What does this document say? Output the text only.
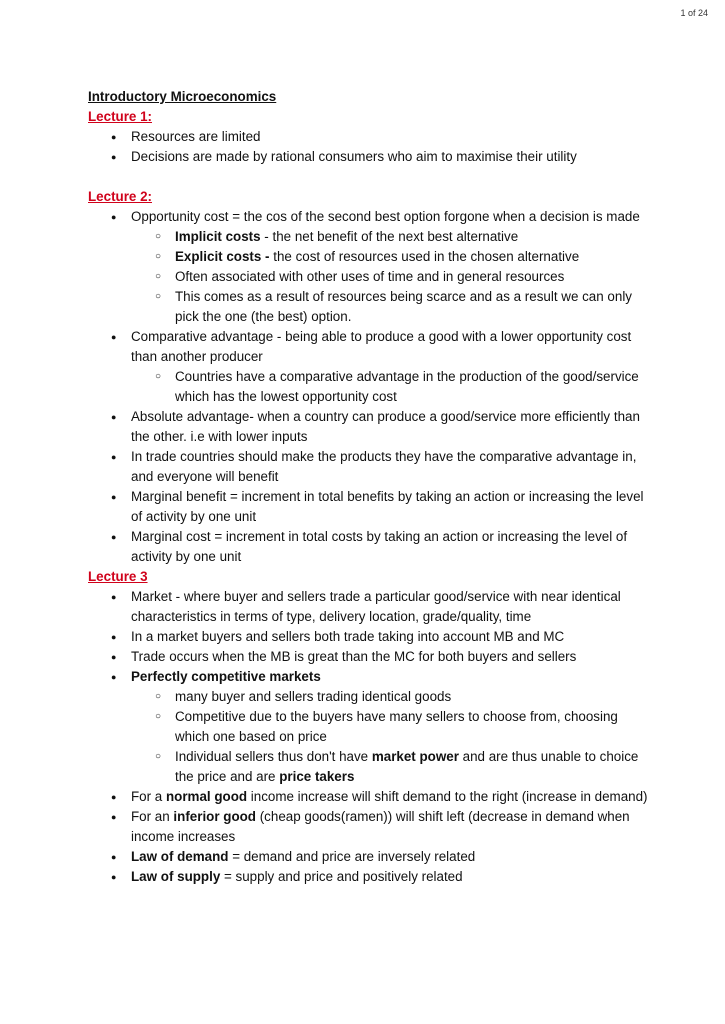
1 of 24
Introductory Microeconomics
Lecture 1:
● Resources are limited
● Decisions are made by rational consumers who aim to maximise their utility
Lecture 2:
● Opportunity cost = the cos of the second best option forgone when a decision is made
○ Implicit costs - the net benefit of the next best alternative
○ Explicit costs - the cost of resources used in the chosen alternative
○ Often associated with other uses of time and in general resources
○ This comes as a result of resources being scarce and as a result we can only pick the one (the best) option.
● Comparative advantage - being able to produce a good with a lower opportunity cost than another producer
○ Countries have a comparative advantage in the production of the good/service which has the lowest opportunity cost
● Absolute advantage- when a country can produce a good/service more efficiently than the other. i.e with lower inputs
● In trade countries should make the products they have the comparative advantage in, and everyone will benefit
● Marginal benefit = increment in total benefits by taking an action or increasing the level of activity by one unit
● Marginal cost = increment in total costs by taking an action or increasing the level of activity by one unit
Lecture 3
● Market - where buyer and sellers trade a particular good/service with near identical characteristics in terms of type, delivery location, grade/quality, time
● In a market buyers and sellers both trade taking into account MB and MC
● Trade occurs when the MB is great than the MC for both buyers and sellers
● Perfectly competitive markets
○ many buyer and sellers trading identical goods
○ Competitive due to the buyers have many sellers to choose from, choosing which one based on price
○ Individual sellers thus don't have market power and are thus unable to choice the price and are price takers
● For a normal good income increase will shift demand to the right (increase in demand)
● For an inferior good (cheap goods(ramen)) will shift left (decrease in demand when income increases
● Law of demand = demand and price are inversely related
● Law of supply = supply and price and positively related
